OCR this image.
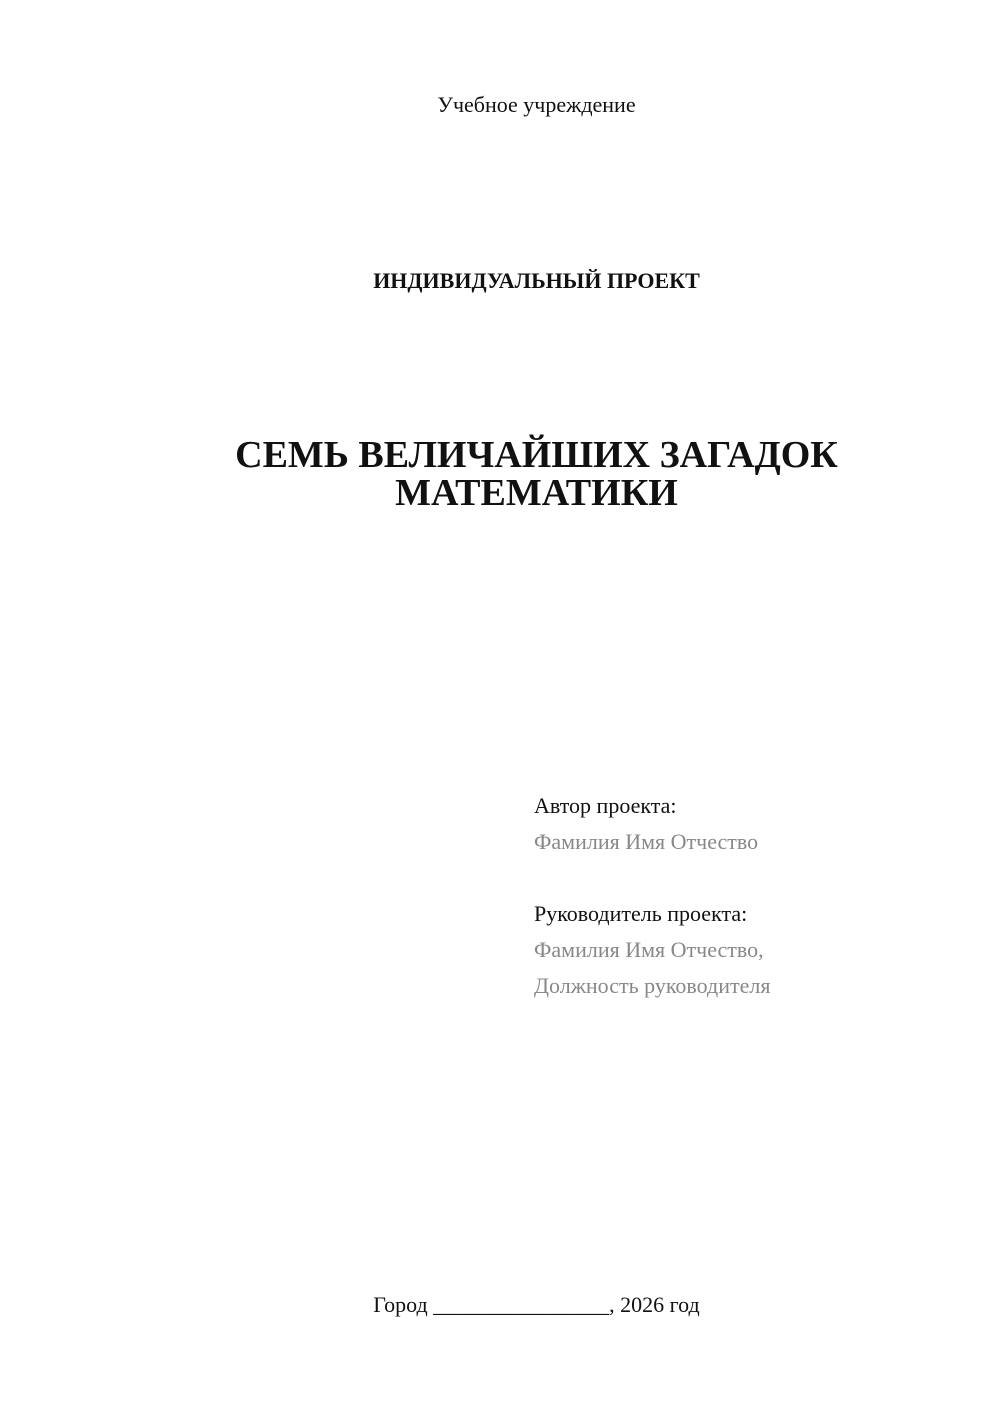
Учебное учреждение
ИНДИВИДУАЛЬНЫЙ ПРОЕКТ
СЕМЬ ВЕЛИЧАЙШИХ ЗАГАДОК
МАТЕМАТИКИ
Автор проекта:
Фамилия Имя Отчество
Руководитель проекта:
Фамилия Имя Отчество,
Должность руководителя
Город ________________, 2026 год
